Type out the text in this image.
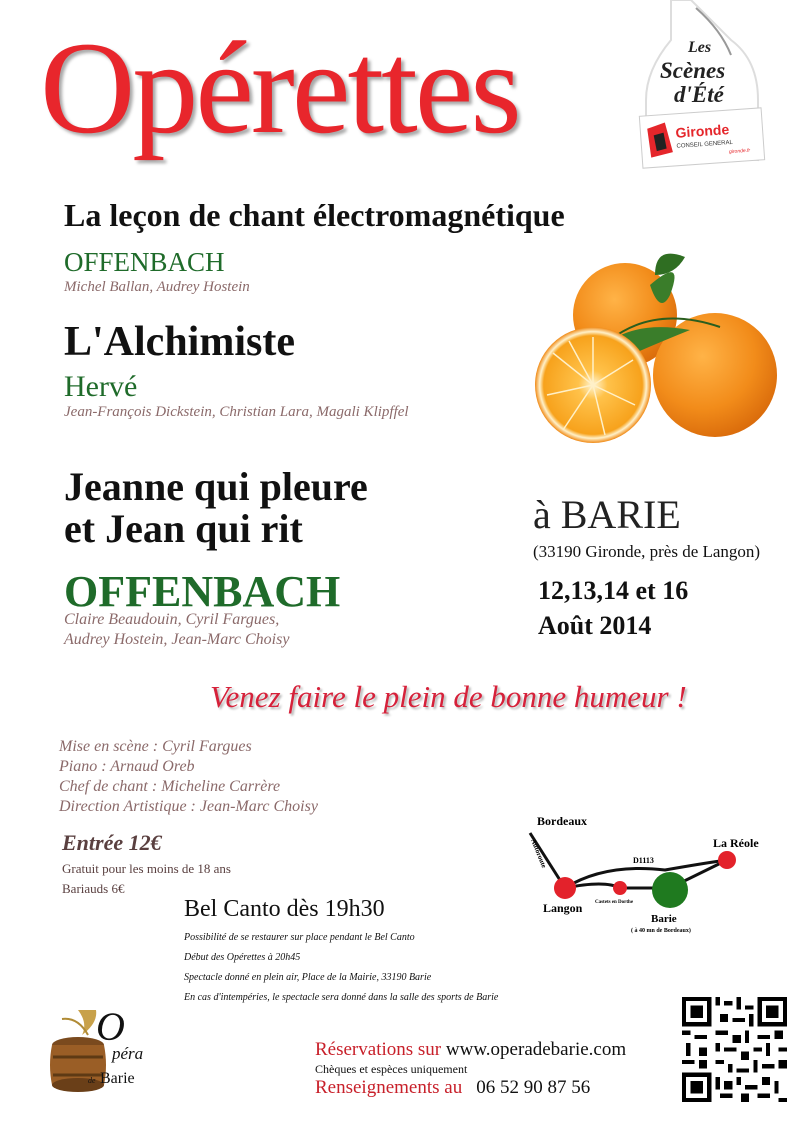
Opérettes	Les
Scènes
d'Été
Gironde
CONSEIL GENERAL
gironde.fr
La leçon de chant électromagnétique
OFFENBACH
Michel Ballan, Audrey Hostein
L'Alchimiste
Hervé
Jean-François Dickstein, Christian Lara, Magali Klipffel
Jeanne qui pleure
et Jean qui rit
OFFENBACH
Claire Beaudouin, Cyril Fargues,
Audrey Hostein, Jean-Marc Choisy
à BARIE
(33190 Gironde, près de Langon)
12,13,14 et 16
Août 2014
Venez faire le plein de bonne humeur !
Mise en scène : Cyril Fargues
Piano : Arnaud Oreb
Chef de chant : Micheline Carrère
Direction Artistique : Jean-Marc Choisy
Entrée 12€
Gratuit pour les moins de 18 ans
Bariauds 6€
Bordeaux
Autoroute
Langon	Castets en Dorthe
D1113
La Réole
Barie
( à 40 mn de Bordeaux)
Bel Canto dès 19h30
Possibilité de se restaurer sur place pendant le Bel Canto
Début des Opérettes à 20h45
Spectacle donné en plein air, Place de la Mairie, 33190 Barie
En cas d'intempéries, le spectacle sera donné dans la salle des sports de Barie
O
péra
de Barie
Réservations sur www.operadebarie.com
Chèques et espèces uniquement
Renseignements au 06 52 90 87 56
